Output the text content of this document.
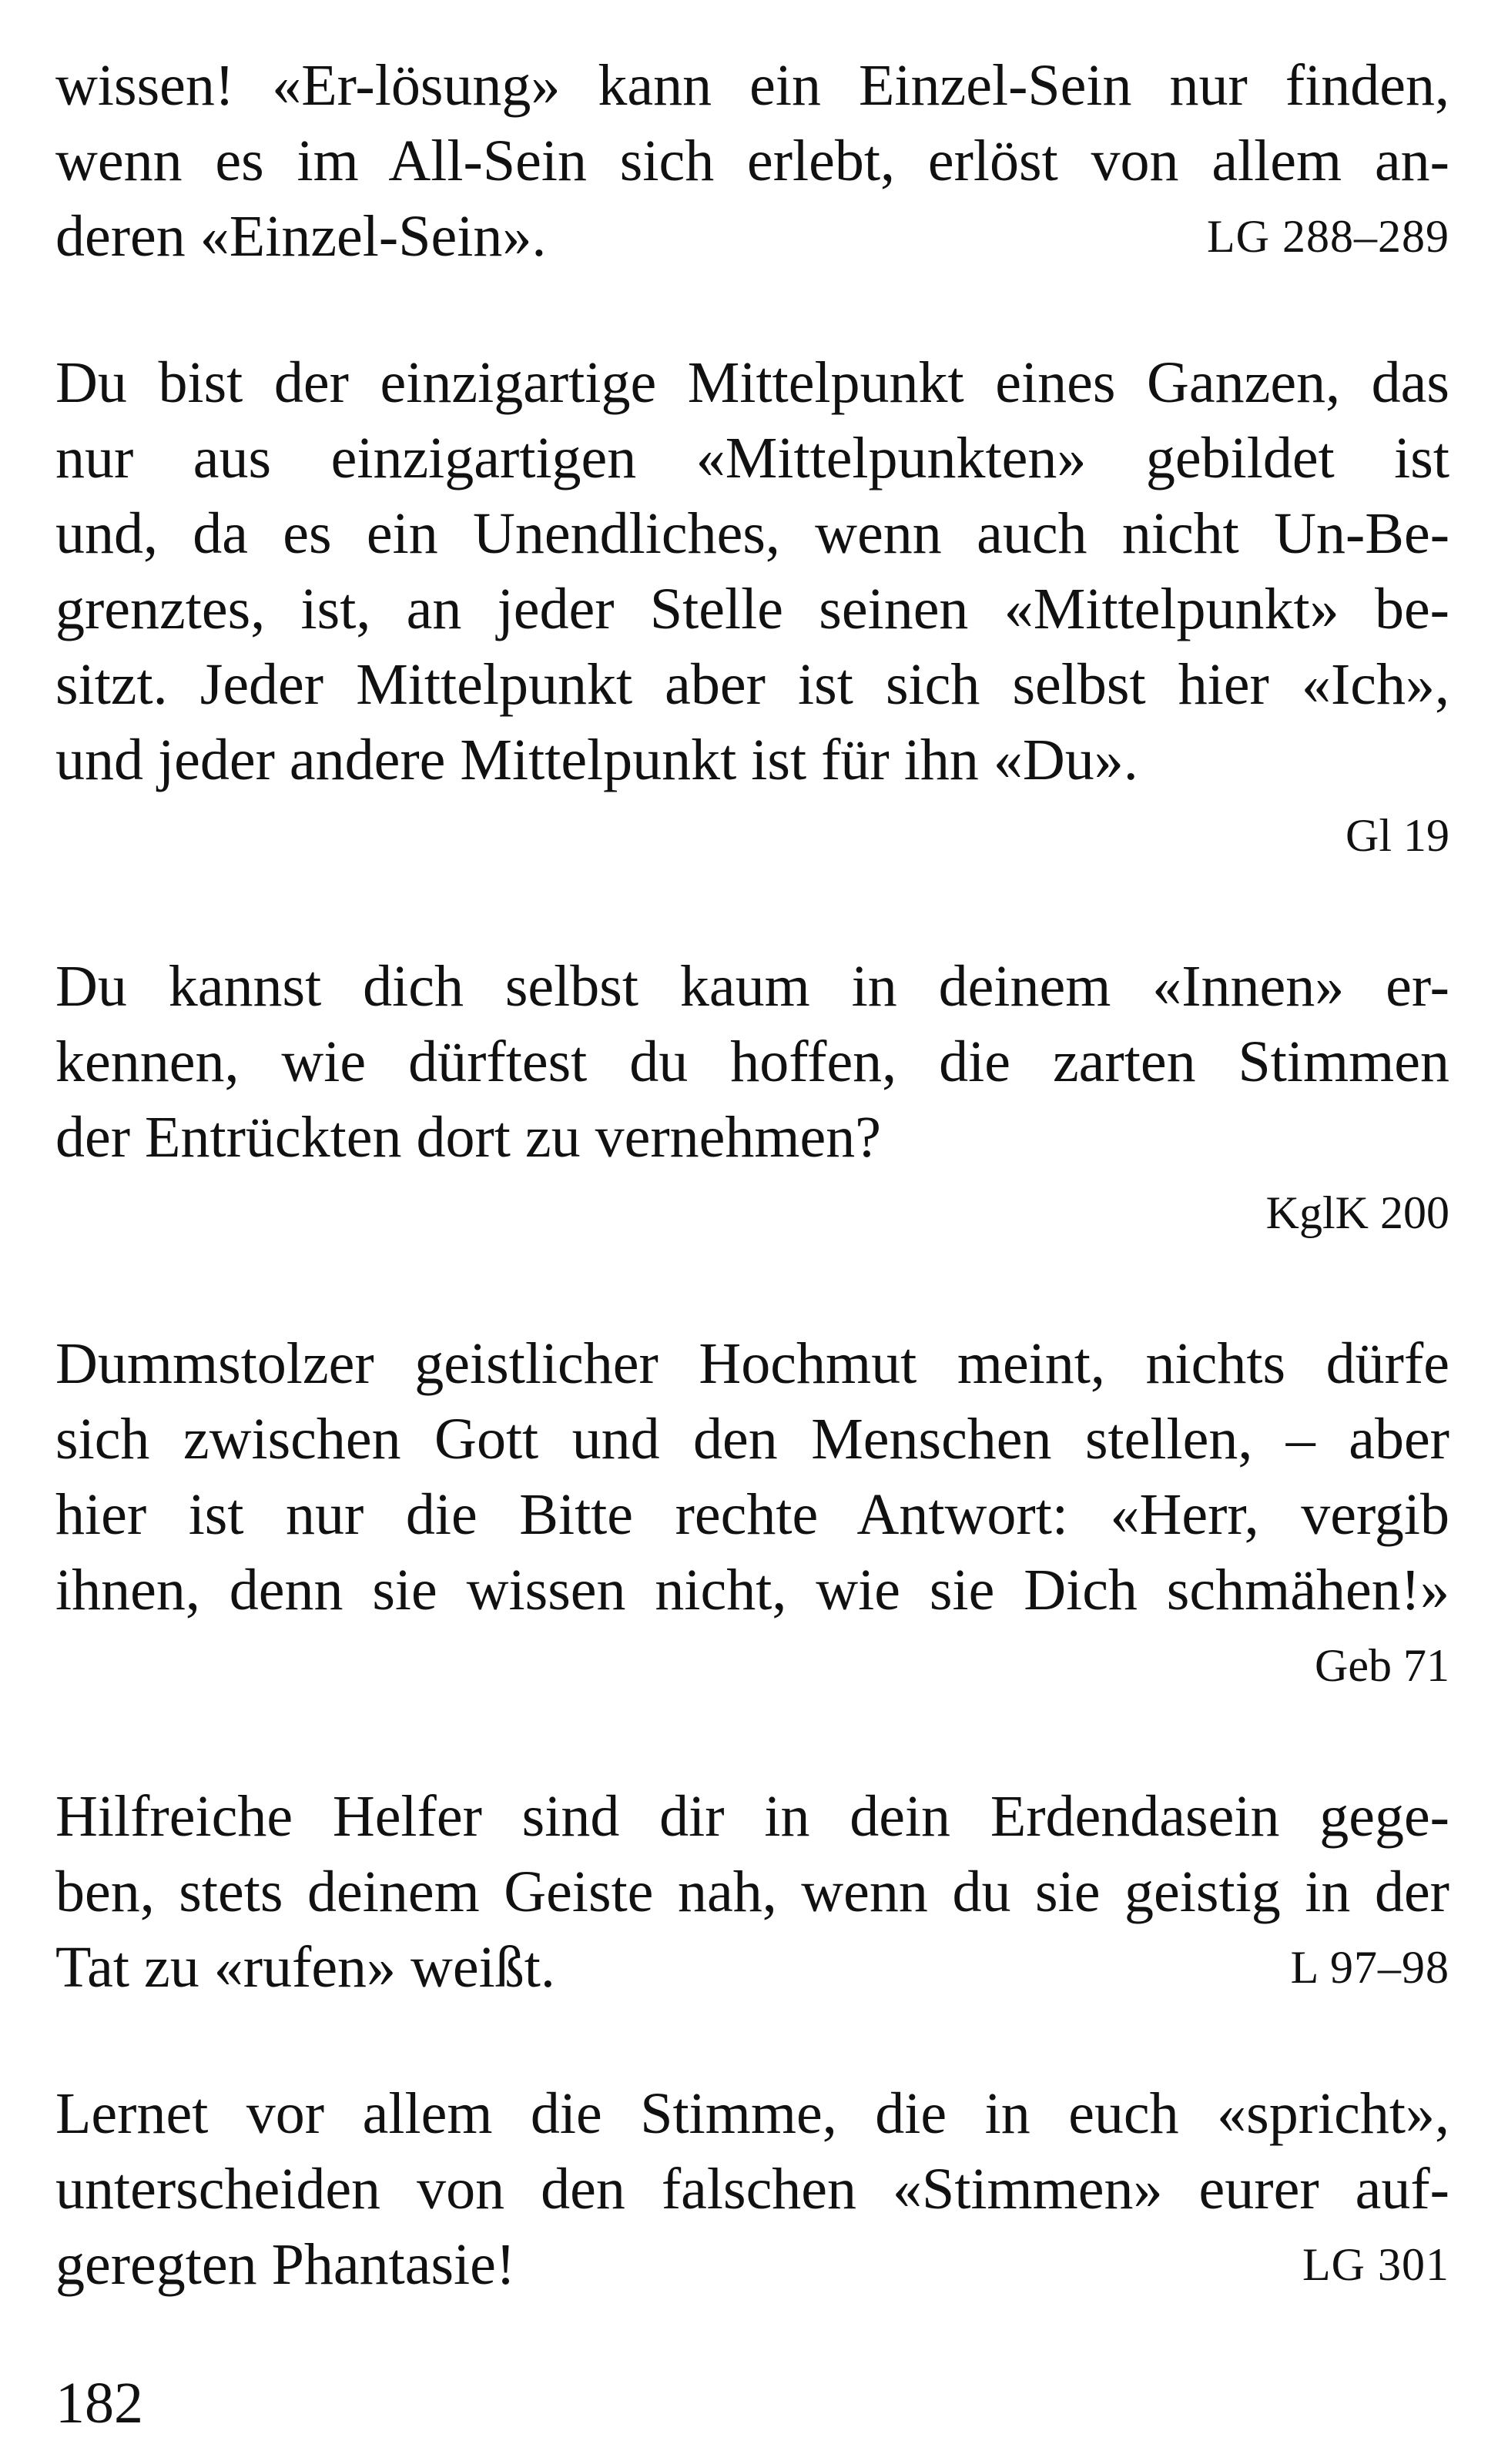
wissen! «Er-lösung» kann ein Einzel-Sein nur finden,
wenn es im All-Sein sich erlebt, erlöst von allem an-
deren «Einzel-Sein».	LG 288–289
Du bist der einzigartige Mittelpunkt eines Ganzen, das
nur aus einzigartigen «Mittelpunkten» gebildet ist
und, da es ein Unendliches, wenn auch nicht Un-Be-
grenztes, ist, an jeder Stelle seinen «Mittelpunkt» be-
sitzt. Jeder Mittelpunkt aber ist sich selbst hier «Ich»,
und jeder andere Mittelpunkt ist für ihn «Du».
Gl 19
Du kannst dich selbst kaum in deinem «Innen» er-
kennen, wie dürftest du hoffen, die zarten Stimmen
der Entrückten dort zu vernehmen?
KglK 200
Dummstolzer geistlicher Hochmut meint, nichts dürfe
sich zwischen Gott und den Menschen stellen, – aber
hier ist nur die Bitte rechte Antwort: «Herr, vergib
ihnen, denn sie wissen nicht, wie sie Dich schmähen!»
Geb 71
Hilfreiche Helfer sind dir in dein Erdendasein gege-
ben, stets deinem Geiste nah, wenn du sie geistig in der
Tat zu «rufen» weißt.	L 97–98
Lernet vor allem die Stimme, die in euch «spricht»,
unterscheiden von den falschen «Stimmen» eurer auf-
geregten Phantasie!	LG 301
182
